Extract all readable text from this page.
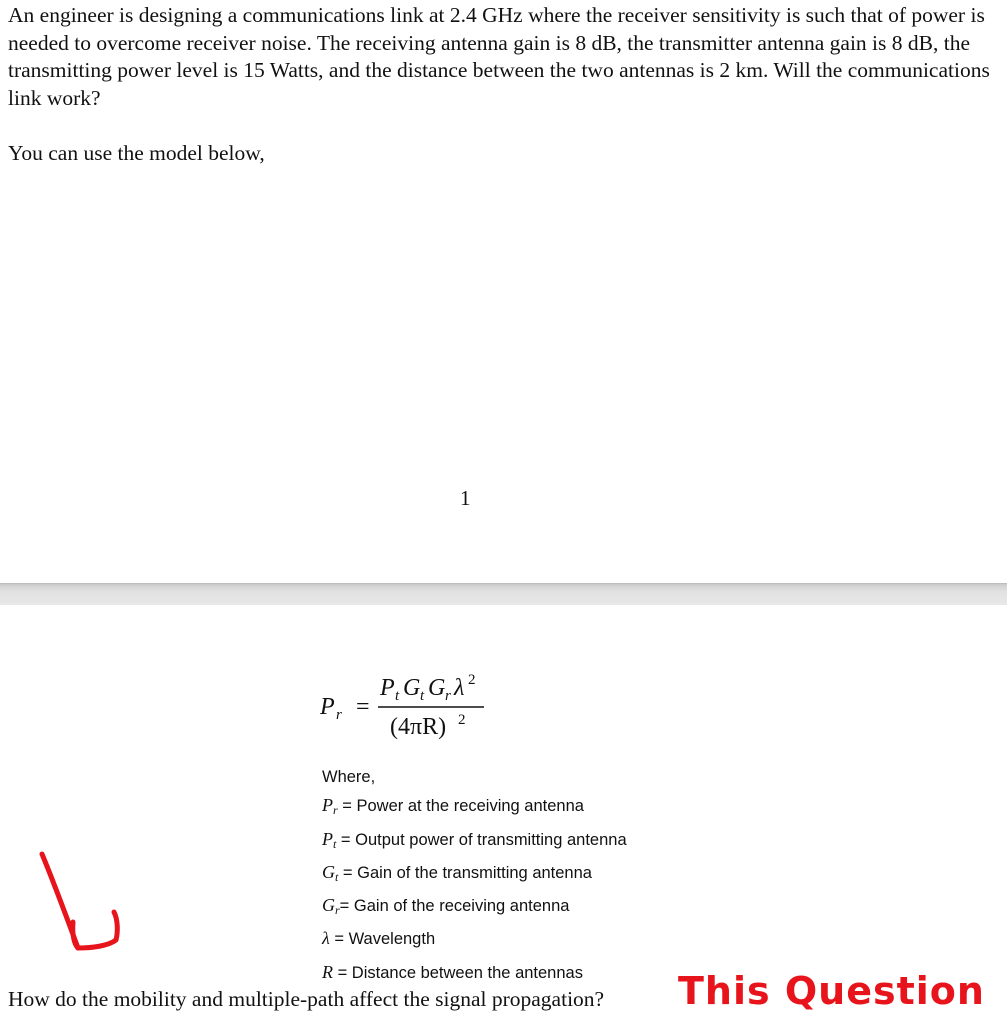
An engineer is designing a communications link at 2.4 GHz where the receiver sensitivity is such that of power is needed to overcome receiver noise. The receiving antenna gain is 8 dB, the transmitter antenna gain is 8 dB, the transmitting power level is 15 Watts, and the distance between the two antennas is 2 km. Will the communications link work?

You can use the model below,

1

P r =
P t G t G r λ 2
(4πR) 2
Where,
$P_r$ = Power at the receiving antenna
$P_t$ = Output power of transmitting antenna
$G_t$ = Gain of the transmitting antenna
$G_r=$ Gain of the receiving antenna
λ = Wavelength
R = Distance between the antennas

How do the mobility and multiple-path affect the signal propagation? This Question
